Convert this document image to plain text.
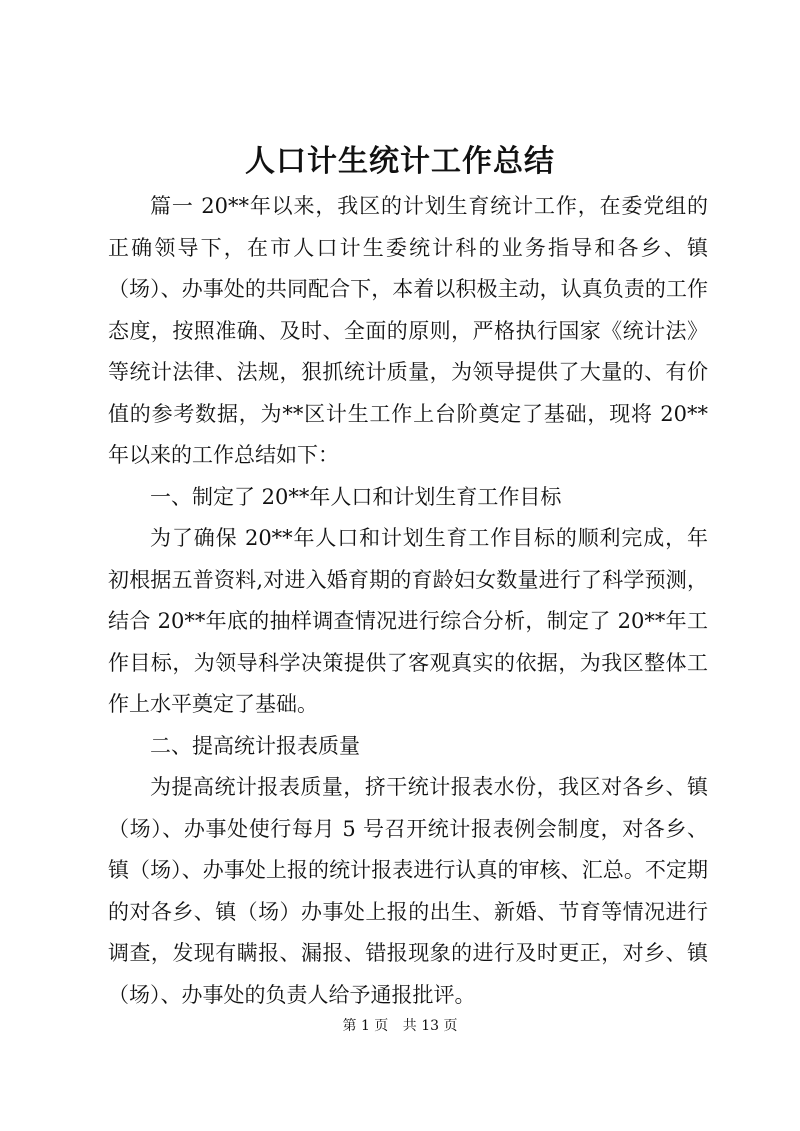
人口计生统计工作总结

篇一 20**年以来，我区的计划生育统计工作，在委党组的正确领导下，在市人口计生委统计科的业务指导和各乡、镇（场）、办事处的共同配合下，本着以积极主动，认真负责的工作态度，按照准确、及时、全面的原则，严格执行国家《统计法》等统计法律、法规，狠抓统计质量，为领导提供了大量的、有价值的参考数据，为**区计生工作上台阶奠定了基础，现将 20**年以来的工作总结如下：

一、制定了 20**年人口和计划生育工作目标

为了确保 20**年人口和计划生育工作目标的顺利完成，年初根据五普资料,对进入婚育期的育龄妇女数量进行了科学预测，结合 20**年底的抽样调查情况进行综合分析，制定了 20**年工作目标，为领导科学决策提供了客观真实的依据，为我区整体工作上水平奠定了基础。

二、提高统计报表质量

为提高统计报表质量，挤干统计报表水份，我区对各乡、镇（场）、办事处使行每月 5 号召开统计报表例会制度，对各乡、镇（场）、办事处上报的统计报表进行认真的审核、汇总。不定期的对各乡、镇（场）办事处上报的出生、新婚、节育等情况进行调查，发现有瞒报、漏报、错报现象的进行及时更正，对乡、镇（场）、办事处的负责人给予通报批评。

第 1 页 共 13 页
